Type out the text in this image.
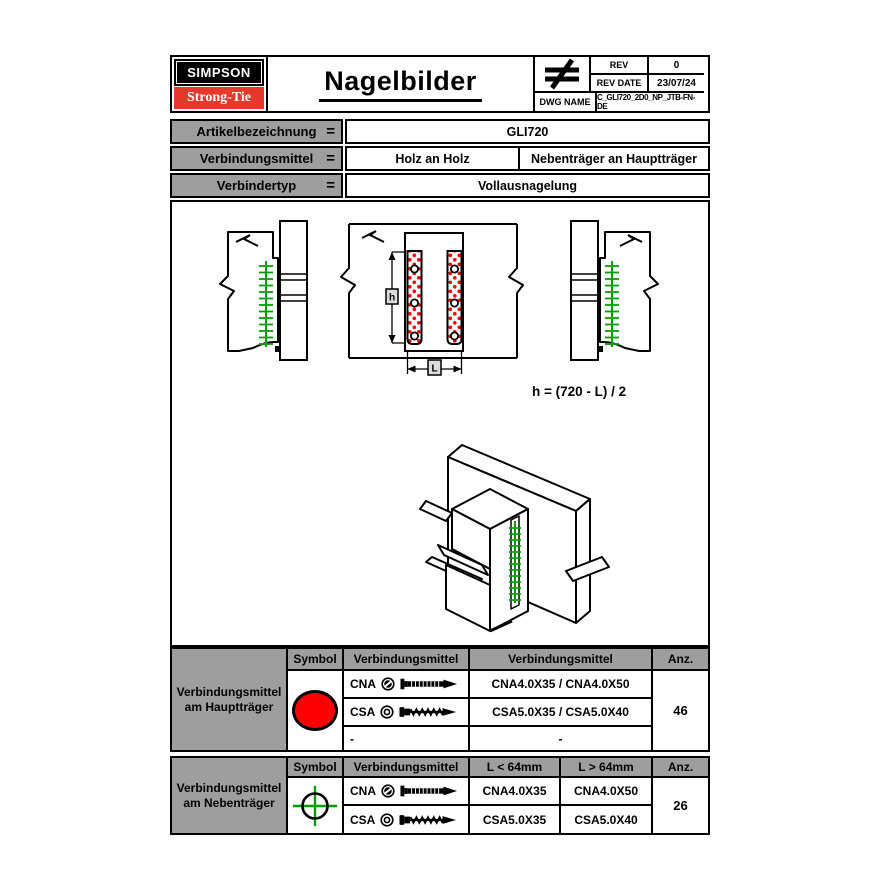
SIMPSON
Strong-Tie
Nagelbilder
REV	0
REV DATE	23/07/24
DWG NAME C_GLI720_2D0_NP_JTB-FN-DE
Artikelbezeichnung =	GLI720
Verbindungsmittel =	Holz an Holz	Nebenträger an Hauptträger
Verbindertyp =	Vollausnagelung
h
L
h = (720 - L) / 2
Verbindungsmittel
am Hauptträger
Symbol	Verbindungsmittel	Verbindungsmittel	Anz.
CNA	CNA4.0X35 / CNA4.0X50
CSA	CSA5.0X35 / CSA5.0X40
-	-
46
Verbindungsmittel
am Nebenträger
Symbol	Verbindungsmittel	L < 64mm	L > 64mm	Anz.
CNA	CNA4.0X35	CNA4.0X50
CSA	CSA5.0X35	CSA5.0X40
26
